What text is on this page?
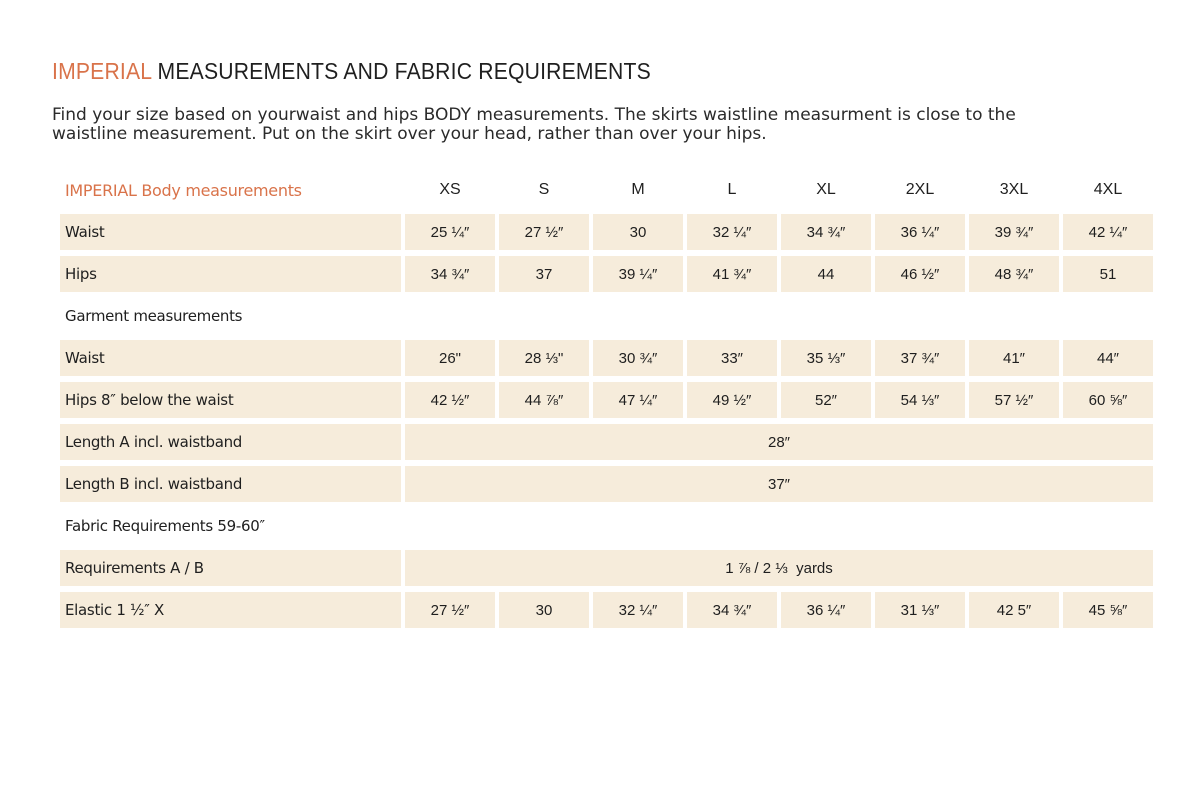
IMPERIAL MEASUREMENTS AND FABRIC REQUIREMENTS

Find your size based on yourwaist and hips BODY measurements. The skirts waistline measurment is close to the waistline measurement. Put on the skirt over your head, rather than over your hips.

IMPERIAL Body measurements	XS	S	M	L	XL	2XL	3XL	4XL
Waist	25 ¼″	27 ½″	30	32 ¼″	34 ¾″	36 ¼″	39 ¾″	42 ¼″
Hips	34 ¾″	37	39 ¼″	41 ¾″	44	46 ½″	48 ¾″	51
Garment measurements								
Waist	26"	28 ⅓"	30 ¾″	33″	35 ⅓″	37 ¾″	41″	44″
Hips 8″ below the waist	42 ½″	44 ⅞″	47 ¼″	49 ½″	52″	54 ⅓″	57 ½″	60 ⅝″
Length A incl. waistband	28″							
Length B incl. waistband	37″							
Fabric Requirements 59-60″								
Requirements A / B	1 ⅞ / 2 ⅓  yards							
Elastic 1 ½″ X	27 ½″	30	32 ¼″	34 ¾″	36 ¼″	31 ⅓″	42 5″	45 ⅝″
